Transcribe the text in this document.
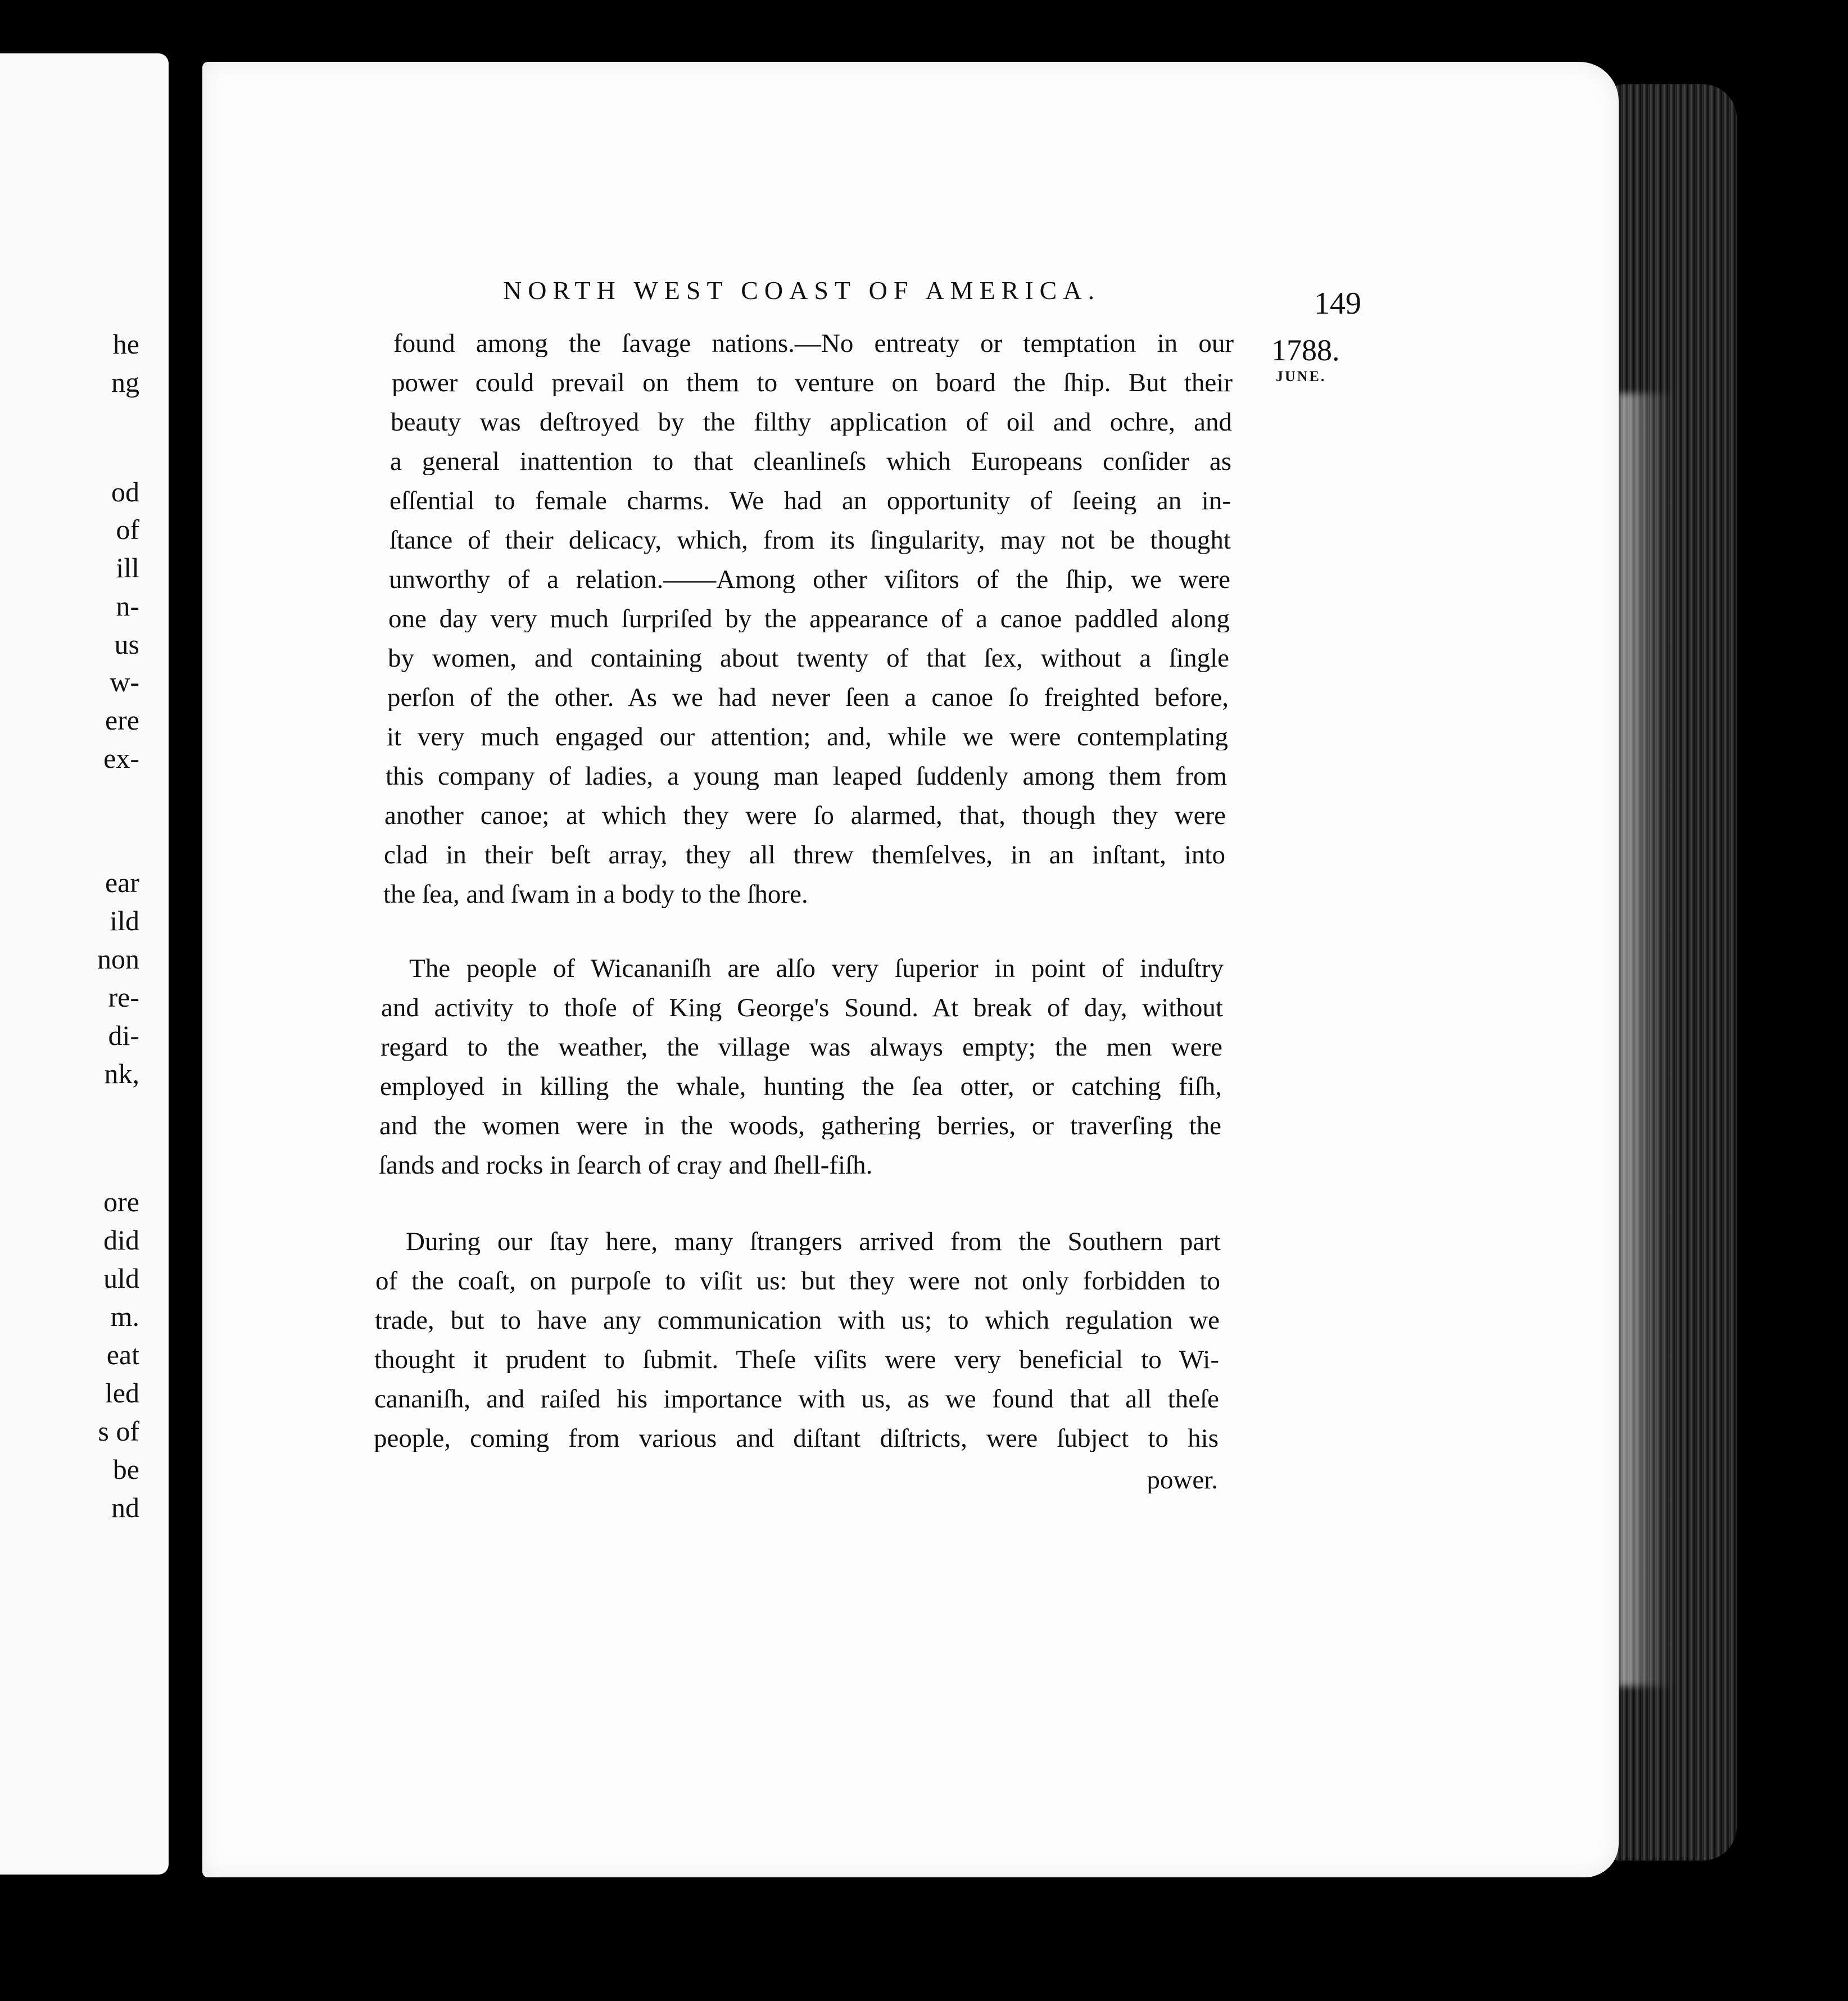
he
ng
od
of
ill
n-
us
w-
ere
ex-
ear
ild
non
re-
di-
nk,
ore
did
uld
m.
eat
led
s of
be
nd
NORTH WEST COAST OF AMERICA.	149
1788.
JUNE.
found among the ſavage nations.—No entreaty or temptation in our
power could prevail on them to venture on board the ſhip. But their
beauty was deſtroyed by the filthy application of oil and ochre, and
a general inattention to that cleanlineſs which Europeans conſider as
eſſential to female charms. We had an opportunity of ſeeing an in-
ſtance of their delicacy, which, from its ſingularity, may not be thought
unworthy of a relation.——Among other viſitors of the ſhip, we were
one day very much ſurpriſed by the appearance of a canoe paddled along
by women, and containing about twenty of that ſex, without a ſingle
perſon of the other. As we had never ſeen a canoe ſo freighted before,
it very much engaged our attention; and, while we were contemplating
this company of ladies, a young man leaped ſuddenly among them from
another canoe; at which they were ſo alarmed, that, though they were
clad in their beſt array, they all threw themſelves, in an inſtant, into
the ſea, and ſwam in a body to the ſhore.
The people of Wicananiſh are alſo very ſuperior in point of induſtry
and activity to thoſe of King George's Sound. At break of day, without
regard to the weather, the village was always empty; the men were
employed in killing the whale, hunting the ſea otter, or catching fiſh,
and the women were in the woods, gathering berries, or traverſing the
ſands and rocks in ſearch of cray and ſhell-fiſh.
During our ſtay here, many ſtrangers arrived from the Southern part
of the coaſt, on purpoſe to viſit us: but they were not only forbidden to
trade, but to have any communication with us; to which regulation we
thought it prudent to ſubmit. Theſe viſits were very beneficial to Wi-
cananiſh, and raiſed his importance with us, as we found that all theſe
people, coming from various and diſtant diſtricts, were ſubject to his
power.
